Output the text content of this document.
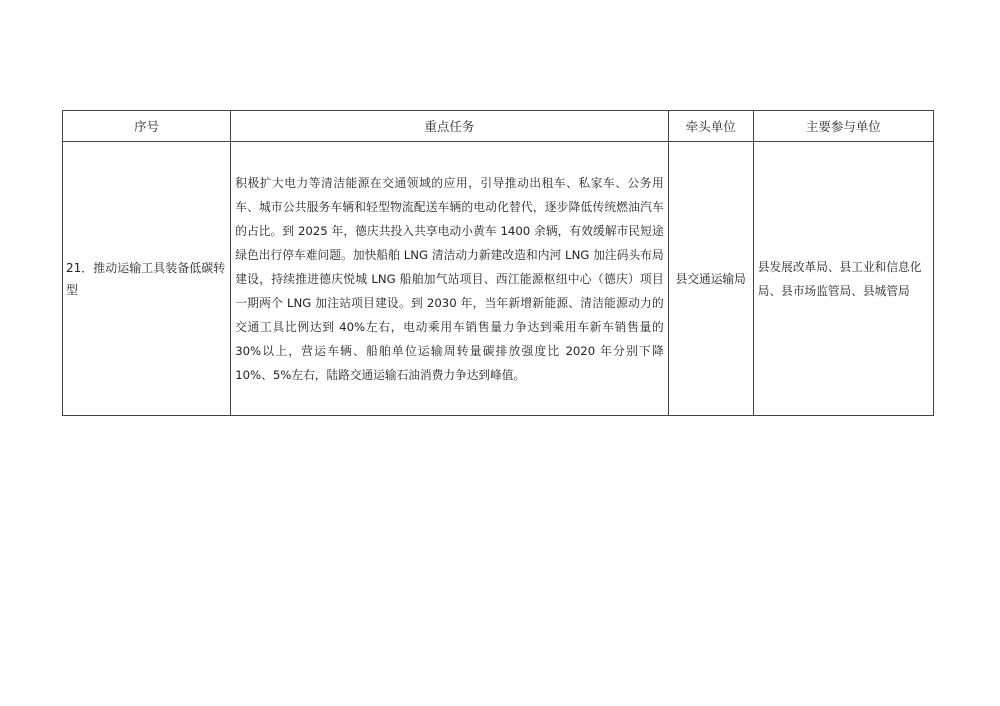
序号	重点任务	牵头单位	主要参与单位
21．推动运输工具装备低碳转型	积极扩大电力等清洁能源在交通领域的应用，引导推动出租车、私家车、公务用车、城市公共服务车辆和轻型物流配送车辆的电动化替代，逐步降低传统燃油汽车的占比。到 2025 年，德庆共投入共享电动小黄车 1400 余辆，有效缓解市民短途绿色出行停车难问题。加快船舶 LNG 清洁动力新建改造和内河 LNG 加注码头布局建设，持续推进德庆悦城 LNG 船舶加气站项目、西江能源枢纽中心（德庆）项目一期两个 LNG 加注站项目建设。到 2030 年，当年新增新能源、清洁能源动力的交通工具比例达到 40%左右，电动乘用车销售量力争达到乘用车新车销售量的 30%以上，营运车辆、船舶单位运输周转量碳排放强度比 2020 年分别下降 10%、5%左右，陆路交通运输石油消费力争达到峰值。	县交通运输局	县发展改革局、县工业和信息化局、县市场监管局、县城管局
